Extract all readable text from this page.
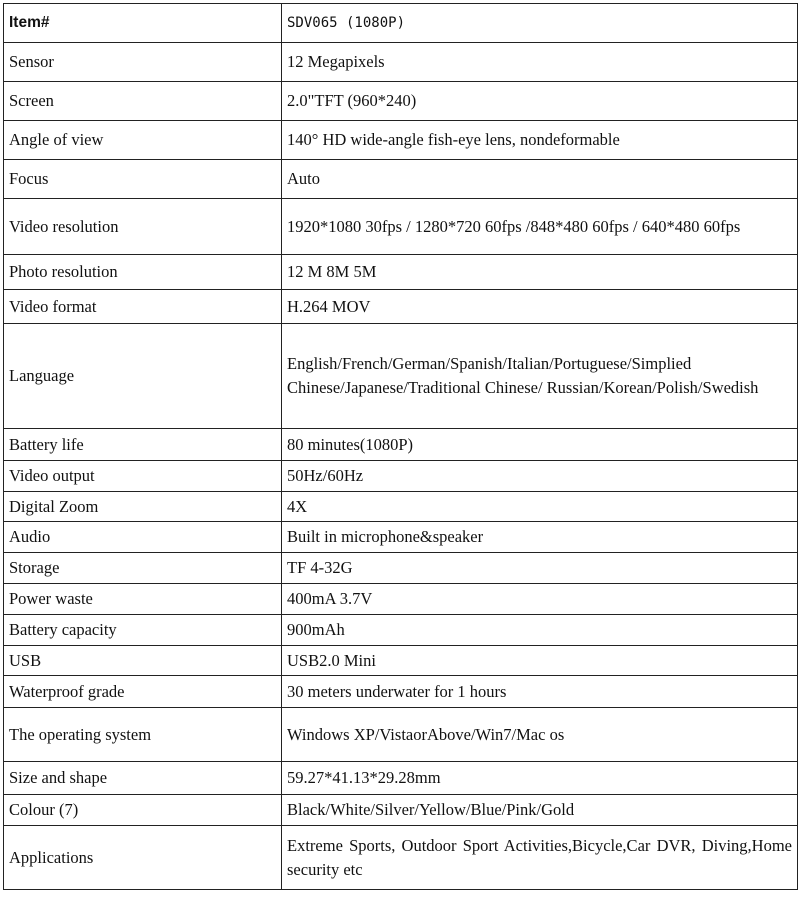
Item#	SDV065 (1080P)
Sensor	12 Megapixels
Screen	2.0"TFT (960*240)
Angle of view	140° HD wide-angle fish-eye lens, nondeformable
Focus	Auto
Video resolution	1920*1080 30fps / 1280*720 60fps /848*480 60fps / 640*480 60fps
Photo resolution	12 M 8M 5M
Video format	H.264 MOV
Language	English/French/German/Spanish/Italian/Portuguese/Simplied Chinese/Japanese/Traditional Chinese/ Russian/Korean/Polish/Swedish
Battery life	80 minutes(1080P)
Video output	50Hz/60Hz
Digital Zoom	4X
Audio	Built in microphone&speaker
Storage	TF 4-32G
Power waste	400mA 3.7V
Battery capacity	900mAh
USB	USB2.0 Mini
Waterproof grade	30 meters underwater for 1 hours
The operating system	Windows XP/VistaorAbove/Win7/Mac os
Size and shape	59.27*41.13*29.28mm
Colour (7)	Black/White/Silver/Yellow/Blue/Pink/Gold
Applications	Extreme Sports, Outdoor Sport Activities,Bicycle,Car DVR, Diving,Home security etc
